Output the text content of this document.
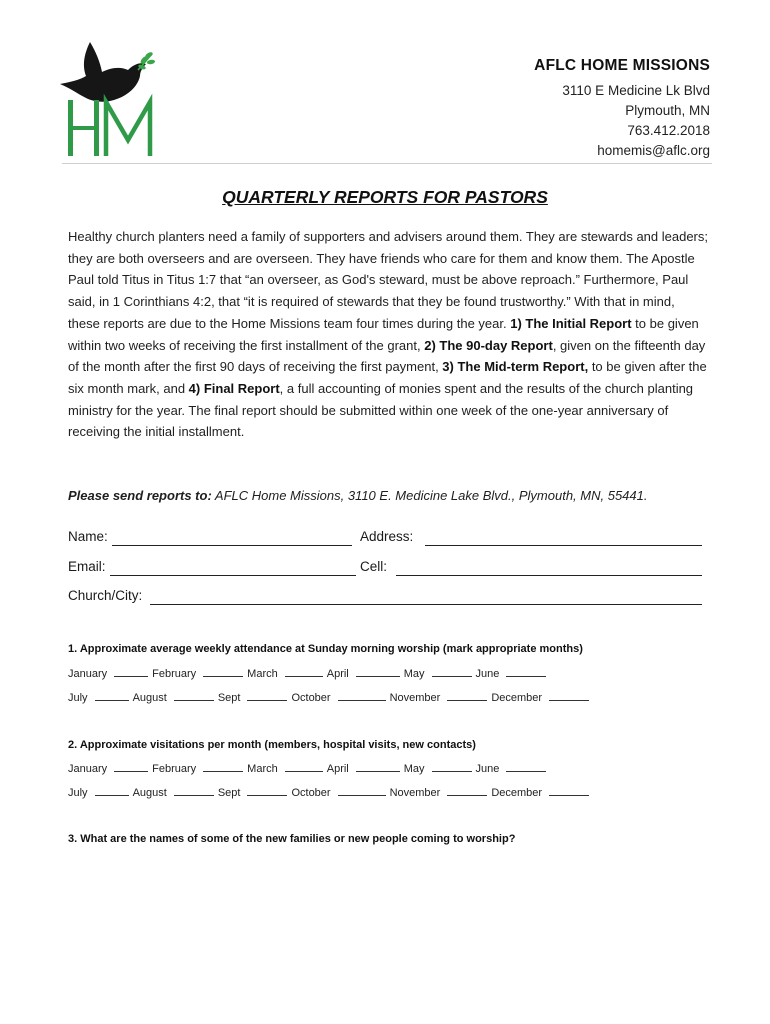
AFLC HOME MISSIONS
3110 E Medicine Lk Blvd
Plymouth, MN
763.412.2018
homemis@aflc.org
QUARTERLY REPORTS FOR PASTORS
Healthy church planters need a family of supporters and advisers around them. They are stewards and leaders; they are both overseers and are overseen. They have friends who care for them and know them. The Apostle Paul told Titus in Titus 1:7 that “an overseer, as God's steward, must be above reproach.” Furthermore, Paul said, in 1 Corinthians 4:2, that “it is required of stewards that they be found trustworthy.” With that in mind, these reports are due to the Home Missions team four times during the year. 1) The Initial Report to be given within two weeks of receiving the first installment of the grant, 2) The 90-day Report, given on the fifteenth day of the month after the first 90 days of receiving the first payment, 3) The Mid-term Report, to be given after the six month mark, and 4) Final Report, a full accounting of monies spent and the results of the church planting ministry for the year. The final report should be submitted within one week of the one-year anniversary of receiving the initial installment.
Please send reports to: AFLC Home Missions, 3110 E. Medicine Lake Blvd., Plymouth, MN, 55441.
Name:	Address:
Email:	Cell:
Church/City:
1. Approximate average weekly attendance at Sunday morning worship (mark appropriate months)
January	February	March	April	May	June
July	August	Sept	October	November	December
2. Approximate visitations per month (members, hospital visits, new contacts)
January	February	March	April	May	June
July	August	Sept	October	November	December
3. What are the names of some of the new families or new people coming to worship?
